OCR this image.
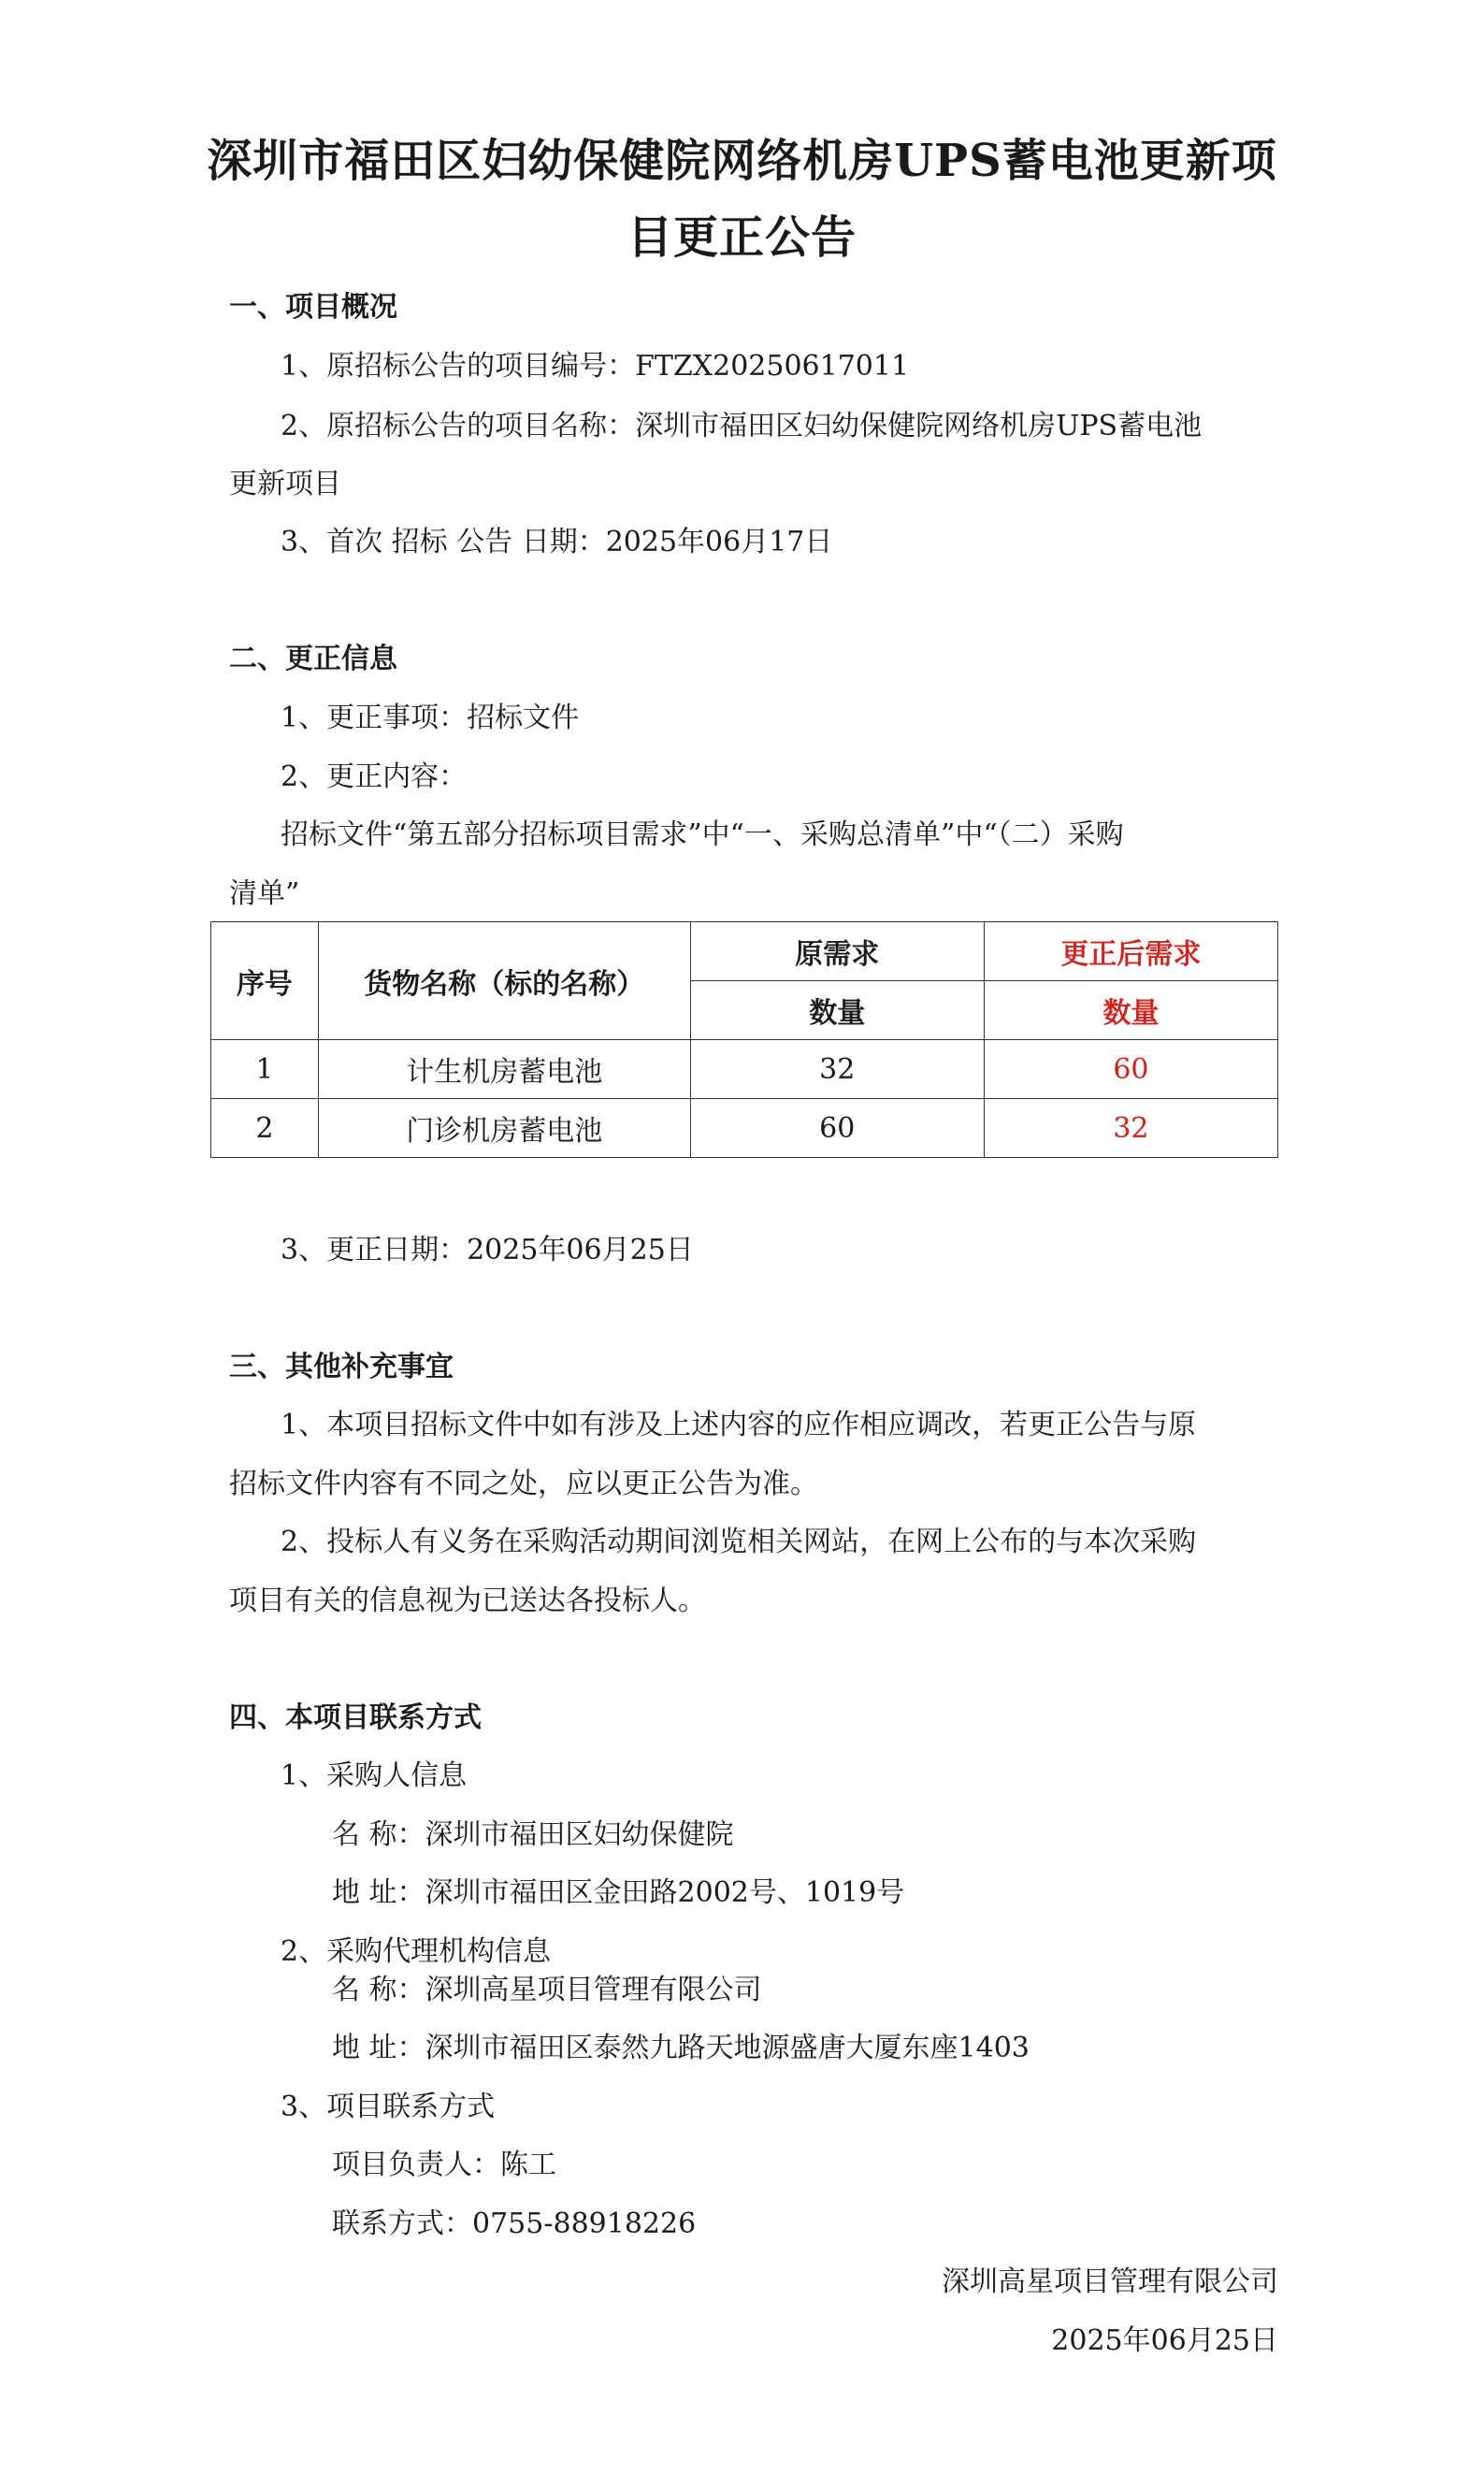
深圳市福田区妇幼保健院网络机房UPS蓄电池更新项
目更正公告
一、项目概况
1、原招标公告的项目编号：FTZX20250617011
2、原招标公告的项目名称：深圳市福田区妇幼保健院网络机房UPS蓄电池
更新项目
3、首次 招标 公告 日期：2025年06月17日
二、更正信息
1、更正事项：招标文件
2、更正内容：
招标文件“第五部分招标项目需求”中“一、采购总清单”中“（二）采购
清单”
序号	货物名称（标的名称）	原需求	更正后需求
		数量	数量
1	计生机房蓄电池	32	60
2	门诊机房蓄电池	60	32
3、更正日期：2025年06月25日
三、其他补充事宜
1、本项目招标文件中如有涉及上述内容的应作相应调改，若更正公告与原
招标文件内容有不同之处，应以更正公告为准。
2、投标人有义务在采购活动期间浏览相关网站，在网上公布的与本次采购
项目有关的信息视为已送达各投标人。
四、本项目联系方式
1、采购人信息
名 称：深圳市福田区妇幼保健院
地 址：深圳市福田区金田路2002号、1019号
2、采购代理机构信息
名 称：深圳高星项目管理有限公司
地 址：深圳市福田区泰然九路天地源盛唐大厦东座1403
3、项目联系方式
项目负责人：陈工
联系方式：0755-88918226
深圳高星项目管理有限公司
2025年06月25日
